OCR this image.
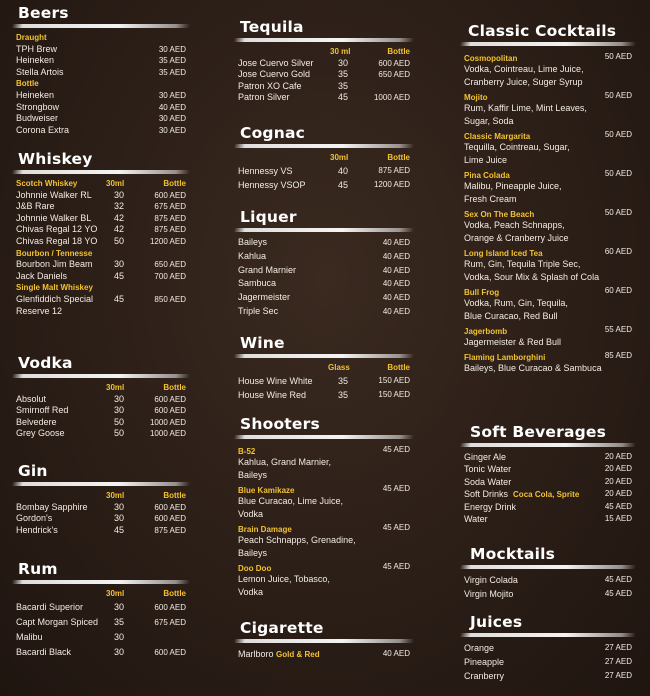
Beers
Draught
TPH Brew	30 AED
Heineken	35 AED
Stella Artois	35 AED
Bottle
Heineken	30 AED
Strongbow	40 AED
Budweiser	30 AED
Corona Extra	30 AED
Whiskey
Scotch Whiskey	30ml	Bottle
Johnnie Walker RL	30	600 AED
J&B Rare	32	675 AED
Johnnie Walker BL	42	875 AED
Chivas Regal 12 YO	42	875 AED
Chivas Regal 18 YO	50	1200 AED
Bourbon / Tennesse
Bourbon Jim Beam	30	650 AED
Jack Daniels	45	700 AED
Single Malt Whiskey
Glenfiddich Special	45	850 AED
Reserve 12
Vodka
30ml	Bottle
Absolut	30	600 AED
Smirnoff Red	30	600 AED
Belvedere	50	1000 AED
Grey Goose	50	1000 AED
Gin
30ml	Bottle
Bombay Sapphire	30	600 AED
Gordon's	30	600 AED
Hendrick's	45	875 AED
Rum
30ml	Bottle
Bacardi Superior	30	600 AED
Capt Morgan Spiced	35	675 AED
Malibu	30
Bacardi Black	30	600 AED
Tequila
30 ml	Bottle
Jose Cuervo Silver	30	600 AED
Jose Cuervo Gold	35	650 AED
Patron XO Cafe	35
Patron Silver	45	1000 AED
Cognac
30ml	Bottle
Hennessy VS	40	875 AED
Hennessy VSOP	45	1200 AED
Liquer
Baileys	40 AED
Kahlua	40 AED
Grand Marnier	40 AED
Sambuca	40 AED
Jagermeister	40 AED
Triple Sec	40 AED
Wine
Glass	Bottle
House Wine White	35	150 AED
House Wine Red	35	150 AED
Shooters
B-52	45 AED
Kahlua, Grand Marnier,
Baileys
Blue Kamikaze	45 AED
Blue Curacao, Lime Juice,
Vodka
Brain Damage	45 AED
Peach Schnapps, Grenadine,
Baileys
Doo Doo	45 AED
Lemon Juice, Tobasco,
Vodka
Cigarette
Marlboro Gold & Red	40 AED
Classic Cocktails
Cosmopolitan	50 AED
Vodka, Cointreau, Lime Juice,
Cranberry Juice, Suger Syrup
Mojito	50 AED
Rum, Kaffir Lime, Mint Leaves,
Sugar, Soda
Classic Margarita	50 AED
Tequilla, Cointreau, Sugar,
Lime Juice
Pina Colada	50 AED
Malibu, Pineapple Juice,
Fresh Cream
Sex On The Beach	50 AED
Vodka, Peach Schnapps,
Orange & Cranberry Juice
Long Island Iced Tea	60 AED
Rum, Gin, Tequila Triple Sec,
Vodka, Sour Mix & Splash of Cola
Bull Frog	60 AED
Vodka, Rum, Gin, Tequila,
Blue Curacao, Red Bull
Jagerbomb	55 AED
Jagermeister & Red Bull
Flaming Lamborghini	85 AED
Baileys, Blue Curacao & Sambuca
Soft Beverages
Ginger Ale	20 AED
Tonic Water	20 AED
Soda Water	20 AED
Soft Drinks Coca Cola, Sprite	20 AED
Energy Drink	45 AED
Water	15 AED
Mocktails
Virgin Colada	45 AED
Virgin Mojito	45 AED
Juices
Orange	27 AED
Pineapple	27 AED
Cranberry	27 AED
